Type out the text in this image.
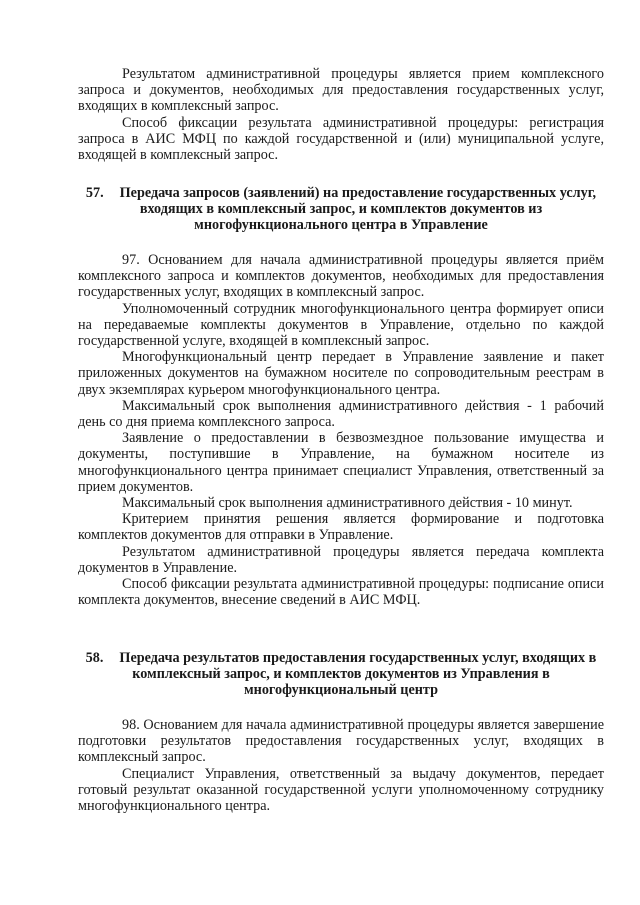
Результатом административной процедуры является прием комплексного запроса и документов, необходимых для предоставления государственных услуг, входящих в комплексный запрос.

Способ фиксации результата административной процедуры: регистрация запроса в АИС МФЦ по каждой государственной и (или) муниципальной услуге, входящей в комплексный запрос.

57. Передача запросов (заявлений) на предоставление государственных услуг, входящих в комплексный запрос, и комплектов документов из многофункционального центра в Управление

97. Основанием для начала административной процедуры является приём комплексного запроса и комплектов документов, необходимых для предоставления государственных услуг, входящих в комплексный запрос.

Уполномоченный сотрудник многофункционального центра формирует описи на передаваемые комплекты документов в Управление, отдельно по каждой государственной услуге, входящей в комплексный запрос.

Многофункциональный центр передает в Управление заявление и пакет приложенных документов на бумажном носителе по сопроводительным реестрам в двух экземплярах курьером многофункционального центра.

Максимальный срок выполнения административного действия - 1 рабочий день со дня приема комплексного запроса.

Заявление о предоставлении в безвозмездное пользование имущества и документы, поступившие в Управление, на бумажном носителе из многофункционального центра принимает специалист Управления, ответственный за прием документов.

Максимальный срок выполнения административного действия - 10 минут.

Критерием принятия решения является формирование и подготовка комплектов документов для отправки в Управление.

Результатом административной процедуры является передача комплекта документов в Управление.

Способ фиксации результата административной процедуры: подписание описи комплекта документов, внесение сведений в АИС МФЦ.

58. Передача результатов предоставления государственных услуг, входящих в комплексный запрос, и комплектов документов из Управления в многофункциональный центр

98. Основанием для начала административной процедуры является завершение подготовки результатов предоставления государственных услуг, входящих в комплексный запрос.

Специалист Управления, ответственный за выдачу документов, передает готовый результат оказанной государственной услуги уполномоченному сотруднику многофункционального центра.
